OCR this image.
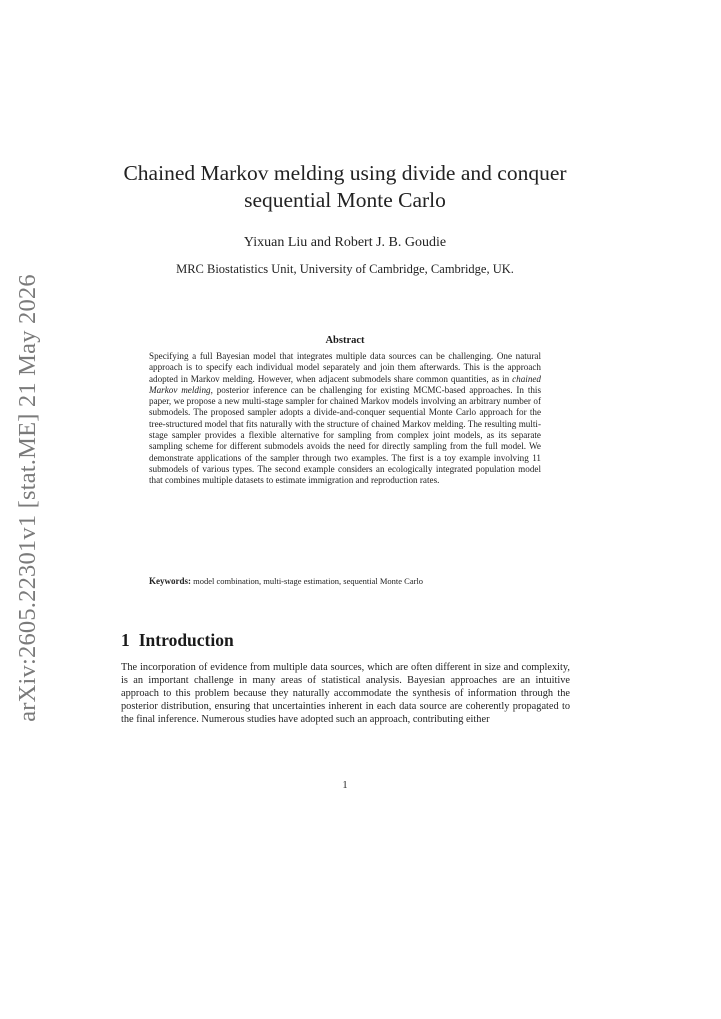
arXiv:2605.22301v1 [stat.ME] 21 May 2026
Chained Markov melding using divide and conquer
sequential Monte Carlo
Yixuan Liu and Robert J. B. Goudie
MRC Biostatistics Unit, University of Cambridge, Cambridge, UK.
Abstract
Specifying a full Bayesian model that integrates multiple data sources can be challenging. One natural approach is to specify each individual model separately and join them afterwards. This is the approach adopted in Markov melding. However, when adjacent submodels share common quantities, as in chained Markov melding, posterior inference can be challenging for existing MCMC-based approaches. In this paper, we propose a new multi-stage sampler for chained Markov models involving an arbitrary number of submodels. The proposed sampler adopts a divide-and-conquer sequential Monte Carlo approach for the tree-structured model that fits naturally with the structure of chained Markov melding. The resulting multi-stage sampler provides a flexible alternative for sampling from complex joint models, as its separate sampling scheme for different submodels avoids the need for directly sampling from the full model. We demonstrate applications of the sampler through two examples. The first is a toy example involving 11 submodels of various types. The second example considers an ecologically integrated population model that combines multiple datasets to estimate immigration and reproduction rates.
Keywords: model combination, multi-stage estimation, sequential Monte Carlo
1 Introduction
The incorporation of evidence from multiple data sources, which are often different in size and complexity, is an important challenge in many areas of statistical analysis. Bayesian approaches are an intuitive approach to this problem because they naturally accommodate the synthesis of information through the posterior distribution, ensuring that uncertainties inherent in each data source are coherently propagated to the final inference. Numerous studies have adopted such an approach, contributing either
1
